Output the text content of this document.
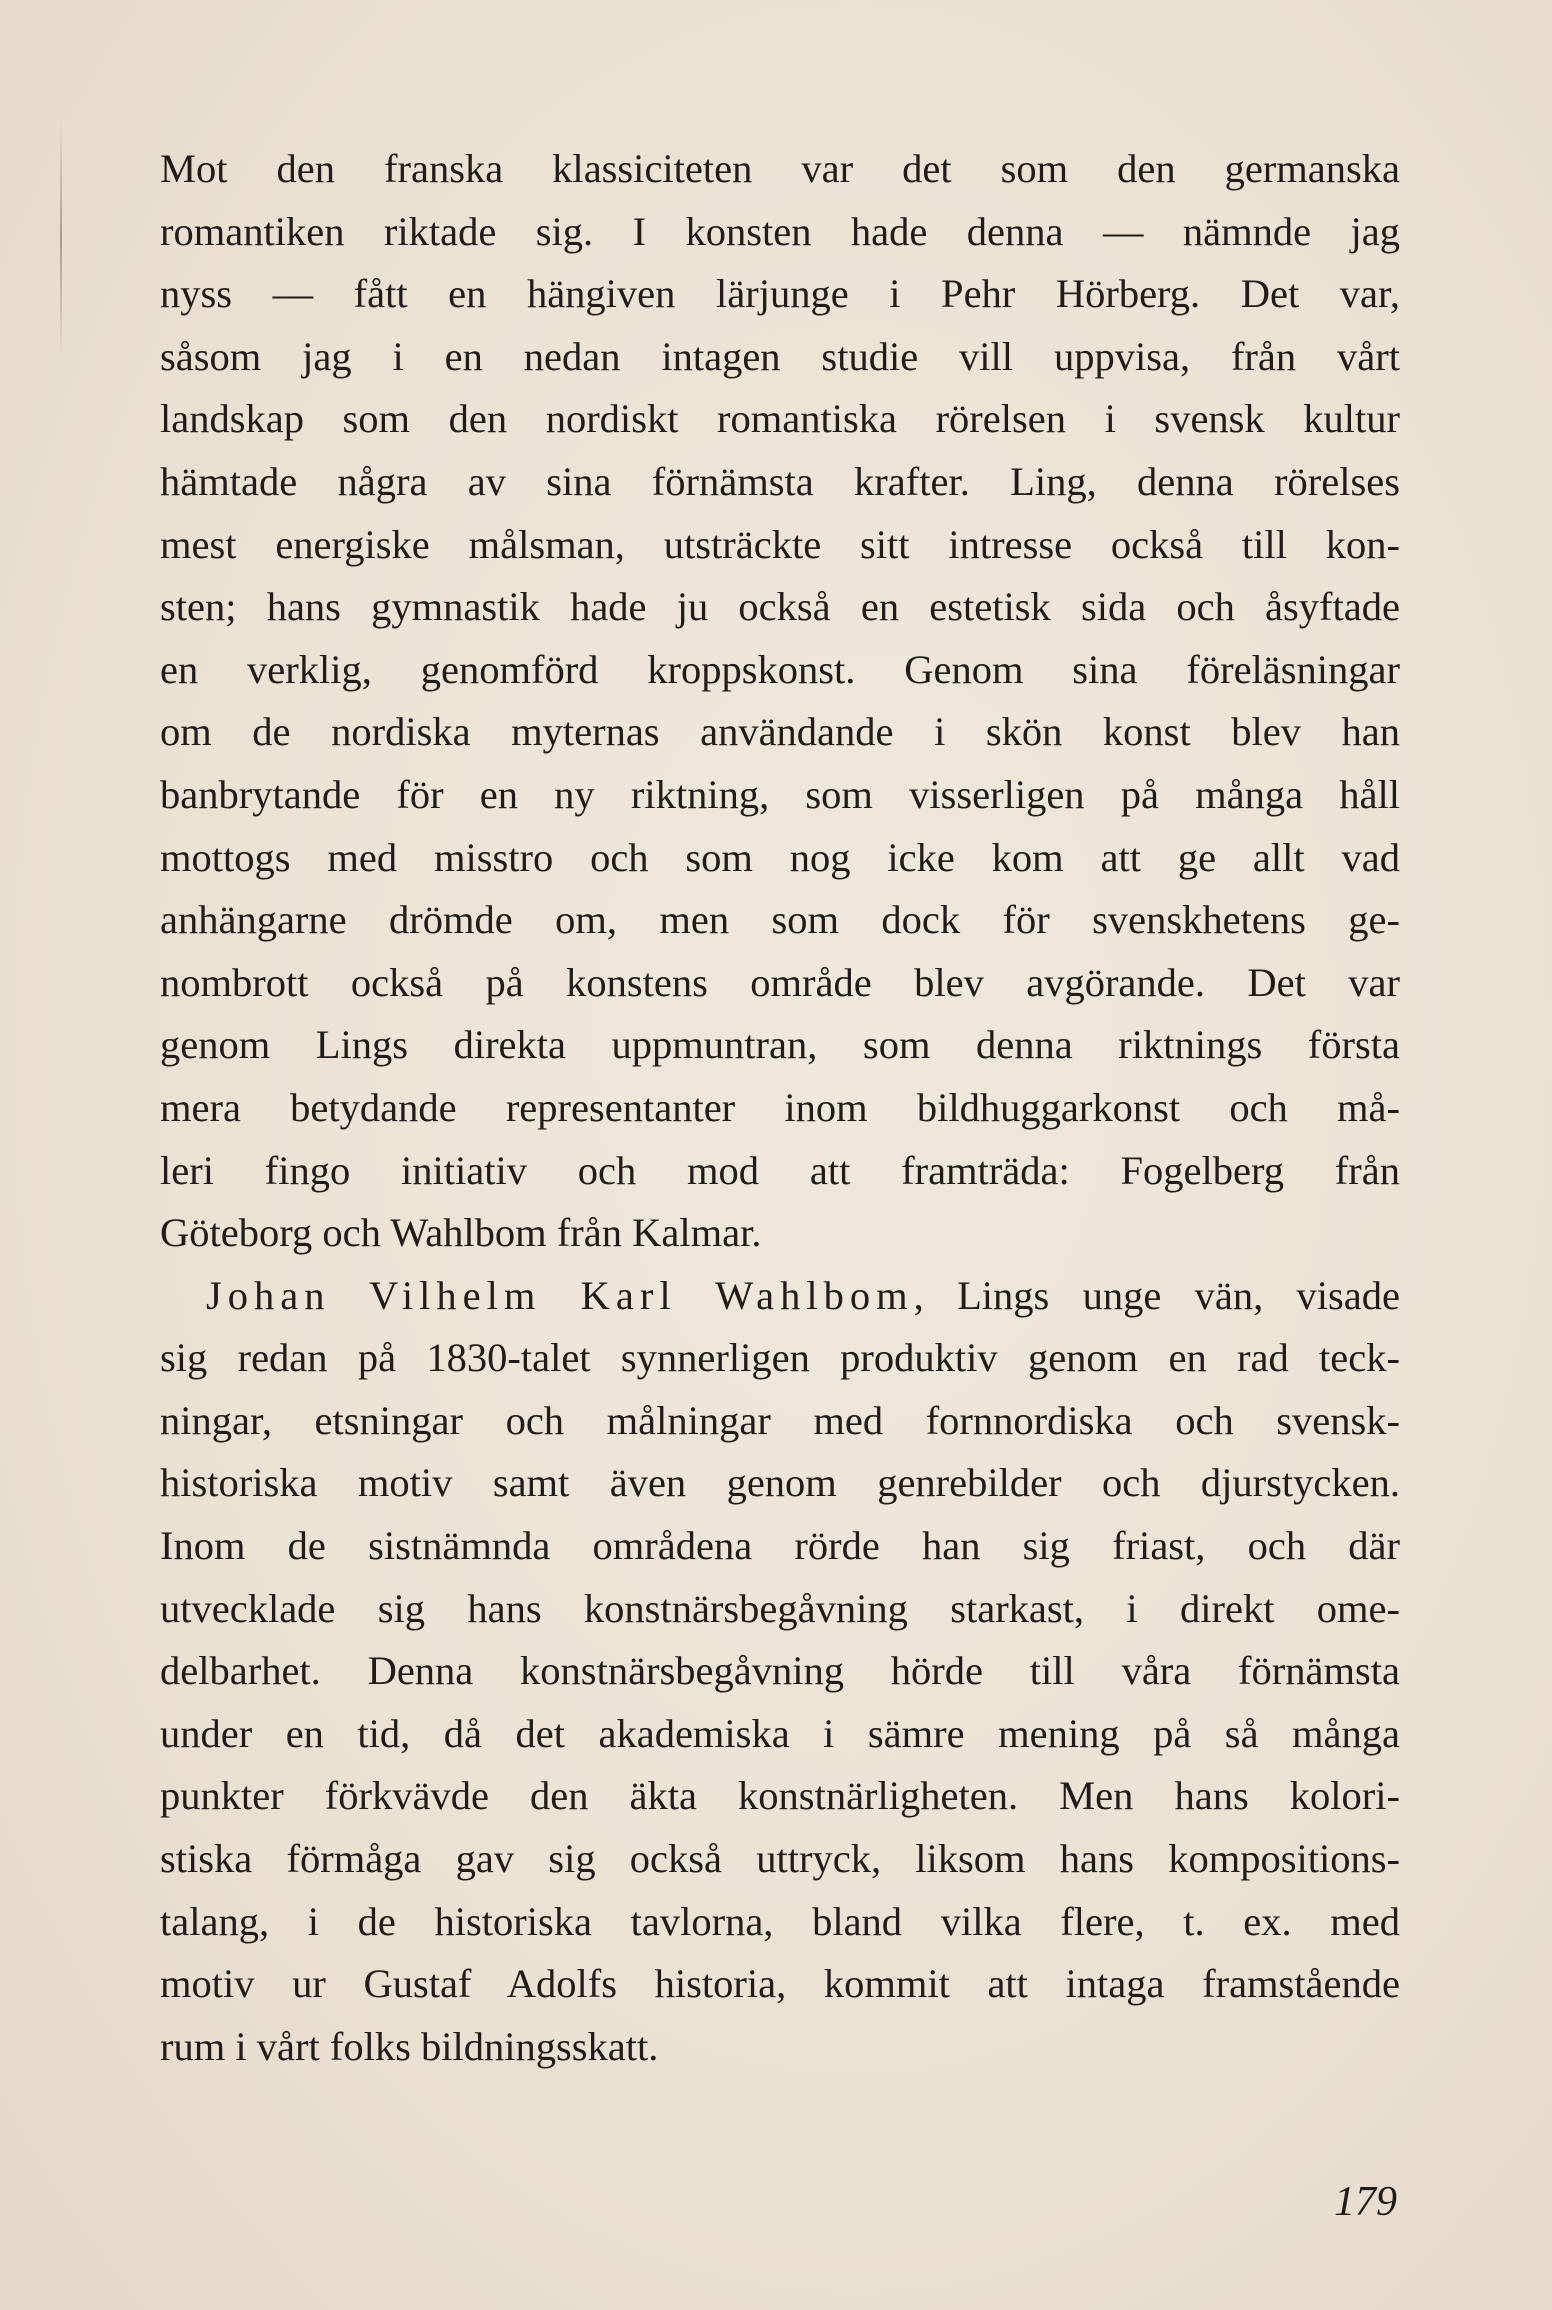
Mot den franska klassiciteten var det som den germanska
romantiken riktade sig. I konsten hade denna — nämnde jag
nyss — fått en hängiven lärjunge i Pehr Hörberg. Det var,
såsom jag i en nedan intagen studie vill uppvisa, från vårt
landskap som den nordiskt romantiska rörelsen i svensk kultur
hämtade några av sina förnämsta krafter. Ling, denna rörelses
mest energiske målsman, utsträckte sitt intresse också till kon-
sten; hans gymnastik hade ju också en estetisk sida och åsyftade
en verklig, genomförd kroppskonst. Genom sina föreläsningar
om de nordiska myternas användande i skön konst blev han
banbrytande för en ny riktning, som visserligen på många håll
mottogs med misstro och som nog icke kom att ge allt vad
anhängarne drömde om, men som dock för svenskhetens ge-
nombrott också på konstens område blev avgörande. Det var
genom Lings direkta uppmuntran, som denna riktnings första
mera betydande representanter inom bildhuggarkonst och må-
leri fingo initiativ och mod att framträda: Fogelberg från
Göteborg och Wahlbom från Kalmar.
Johan Vilhelm Karl Wahlbom, Lings unge vän, visade
sig redan på 1830-talet synnerligen produktiv genom en rad teck-
ningar, etsningar och målningar med fornnordiska och svensk-
historiska motiv samt även genom genrebilder och djurstycken.
Inom de sistnämnda områdena rörde han sig friast, och där
utvecklade sig hans konstnärsbegåvning starkast, i direkt ome-
delbarhet. Denna konstnärsbegåvning hörde till våra förnämsta
under en tid, då det akademiska i sämre mening på så många
punkter förkvävde den äkta konstnärligheten. Men hans kolori-
stiska förmåga gav sig också uttryck, liksom hans kompositions-
talang, i de historiska tavlorna, bland vilka flere, t. ex. med
motiv ur Gustaf Adolfs historia, kommit att intaga framstående
rum i vårt folks bildningsskatt.
179
